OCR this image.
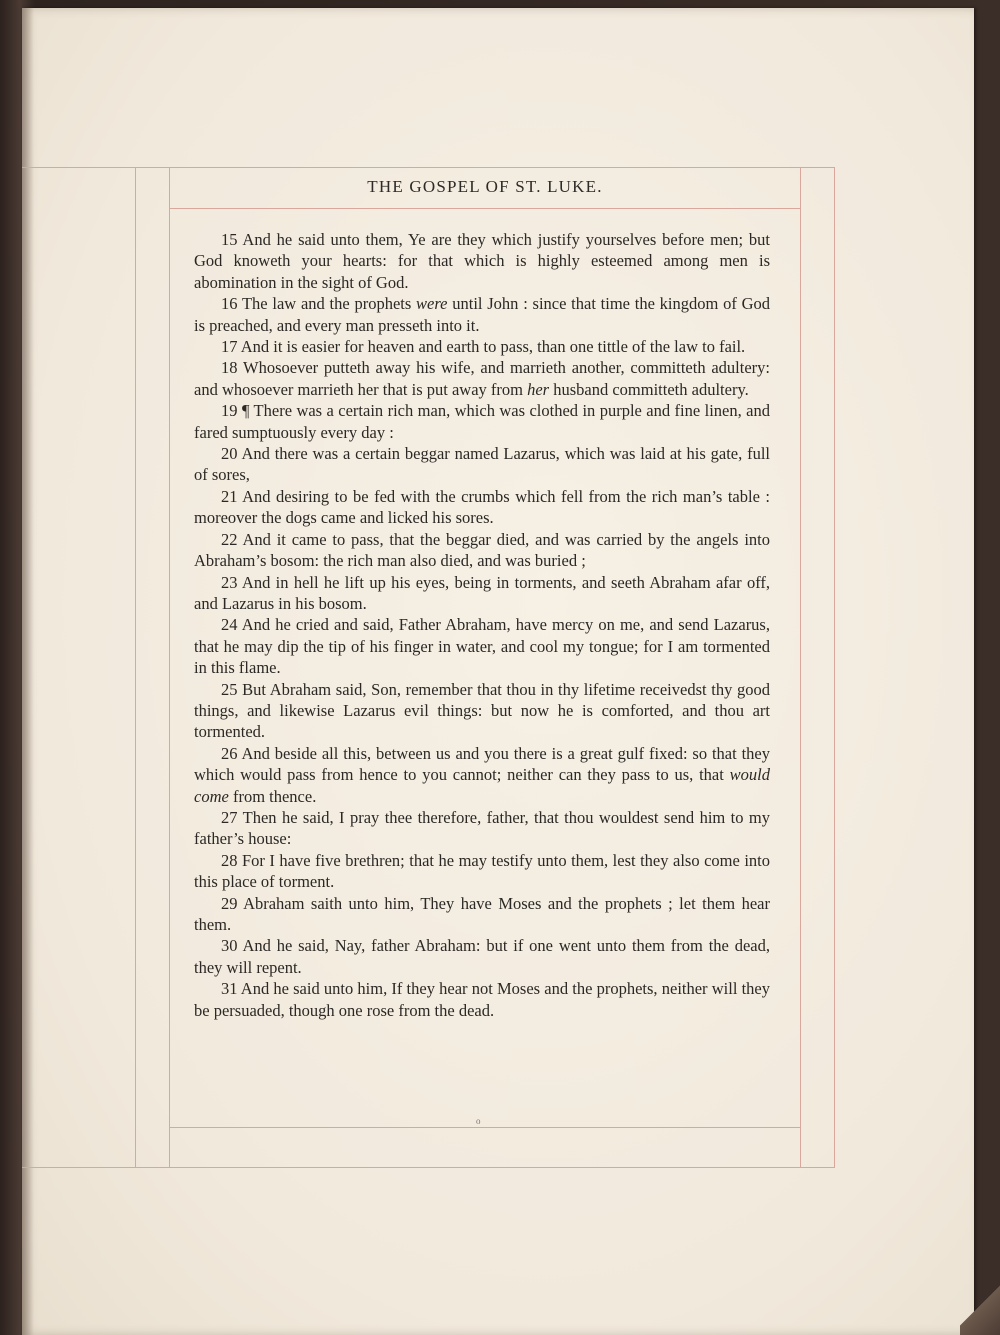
THE GOSPEL OF ST. LUKE.

15 And he said unto them, Ye are they which justify yourselves before men; but God knoweth your hearts: for that which is highly esteemed among men is abomination in the sight of God.

16 The law and the prophets were until John : since that time the kingdom of God is preached, and every man presseth into it.

17 And it is easier for heaven and earth to pass, than one tittle of the law to fail.

18 Whosoever putteth away his wife, and marrieth another, committeth adultery: and whosoever marrieth her that is put away from her husband committeth adultery.

19 ¶ There was a certain rich man, which was clothed in purple and fine linen, and fared sumptuously every day :

20 And there was a certain beggar named Lazarus, which was laid at his gate, full of sores,

21 And desiring to be fed with the crumbs which fell from the rich man’s table : moreover the dogs came and licked his sores.

22 And it came to pass, that the beggar died, and was carried by the angels into Abraham’s bosom: the rich man also died, and was buried ;

23 And in hell he lift up his eyes, being in torments, and seeth Abraham afar off, and Lazarus in his bosom.

24 And he cried and said, Father Abraham, have mercy on me, and send Lazarus, that he may dip the tip of his finger in water, and cool my tongue; for I am tormented in this flame.

25 But Abraham said, Son, remember that thou in thy lifetime receivedst thy good things, and likewise Lazarus evil things: but now he is comforted, and thou art tormented.

26 And beside all this, between us and you there is a great gulf fixed: so that they which would pass from hence to you cannot; neither can they pass to us, that would come from thence.

27 Then he said, I pray thee therefore, father, that thou wouldest send him to my father’s house:

28 For I have five brethren; that he may testify unto them, lest they also come into this place of torment.

29 Abraham saith unto him, They have Moses and the prophets ; let them hear them.

30 And he said, Nay, father Abraham: but if one went unto them from the dead, they will repent.

31 And he said unto him, If they hear not Moses and the prophets, neither will they be persuaded, though one rose from the dead.

o
